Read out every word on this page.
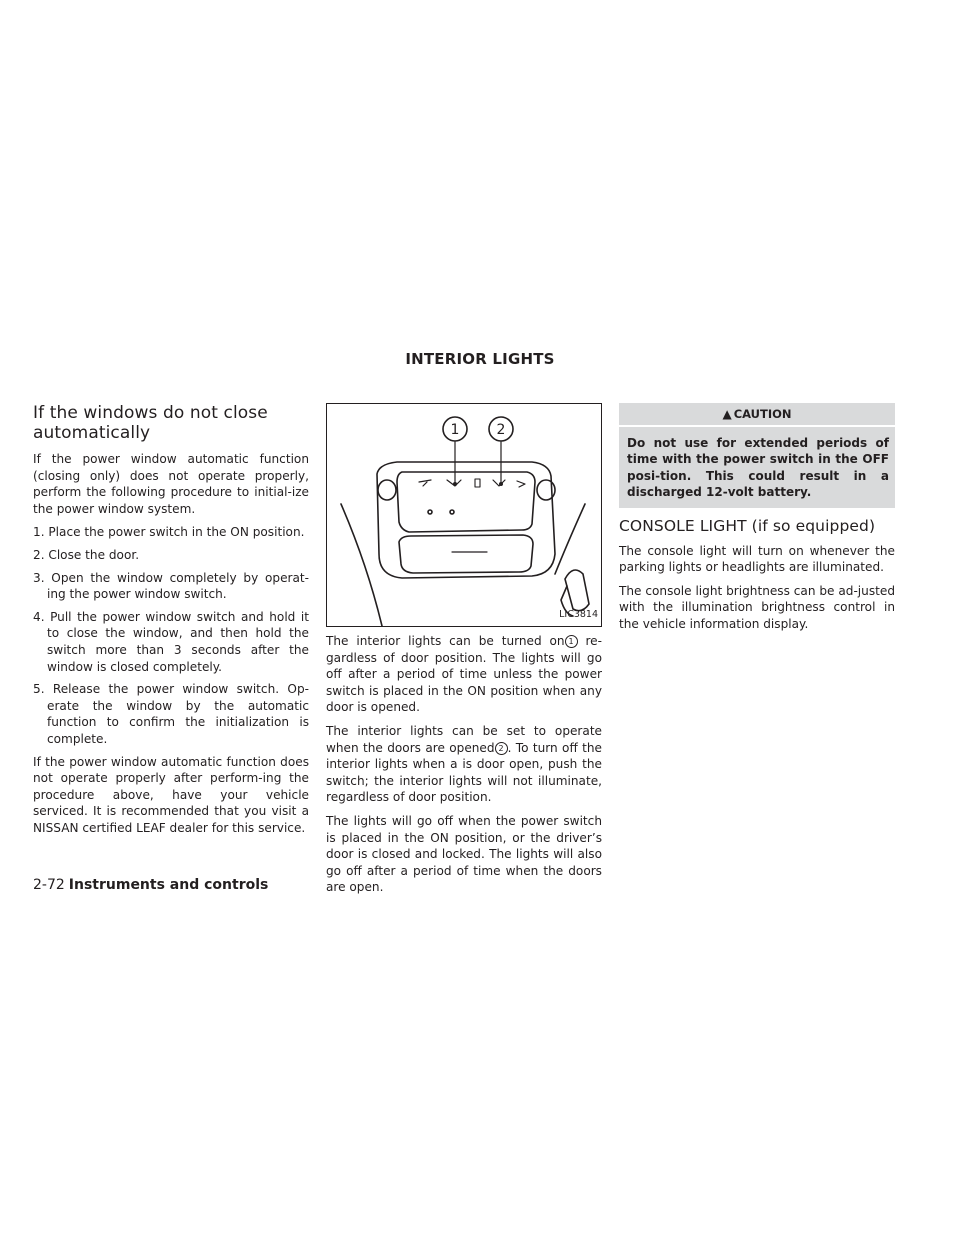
INTERIOR LIGHTS
If the windows do not close automatically

If the power window automatic function (closing only) does not operate properly, perform the following procedure to initial-ize the power window system.

1. Place the power switch in the ON position.
2. Close the door.
3. Open the window completely by operat-ing the power window switch.
4. Pull the power window switch and hold it to close the window, and then hold the switch more than 3 seconds after the window is closed completely.
5. Release the power window switch. Op-erate the window by the automatic function to confirm the initialization is complete.

If the power window automatic function does not operate properly after perform-ing the procedure above, have your vehicle serviced. It is recommended that you visit a NISSAN certified LEAF dealer for this service.

1	2
LIC3814

The interior lights can be turned on 1 re-gardless of door position. The lights will go off after a period of time unless the power switch is placed in the ON position when any door is opened.

The interior lights can be set to operate when the doors are opened 2 . To turn off the interior lights when a is door open, push the switch; the interior lights will not illuminate, regardless of door position.

The lights will go off when the power switch is placed in the ON position, or the driver’s door is closed and locked. The lights will also go off after a period of time when the doors are open.

▲ CAUTION
Do not use for extended periods of time with the power switch in the OFF posi-tion. This could result in a discharged 12-volt battery.
CONSOLE LIGHT (if so equipped)

The console light will turn on whenever the parking lights or headlights are illuminated.

The console light brightness can be ad-justed with the illumination brightness control in the vehicle information display.

2-72 Instruments and controls
